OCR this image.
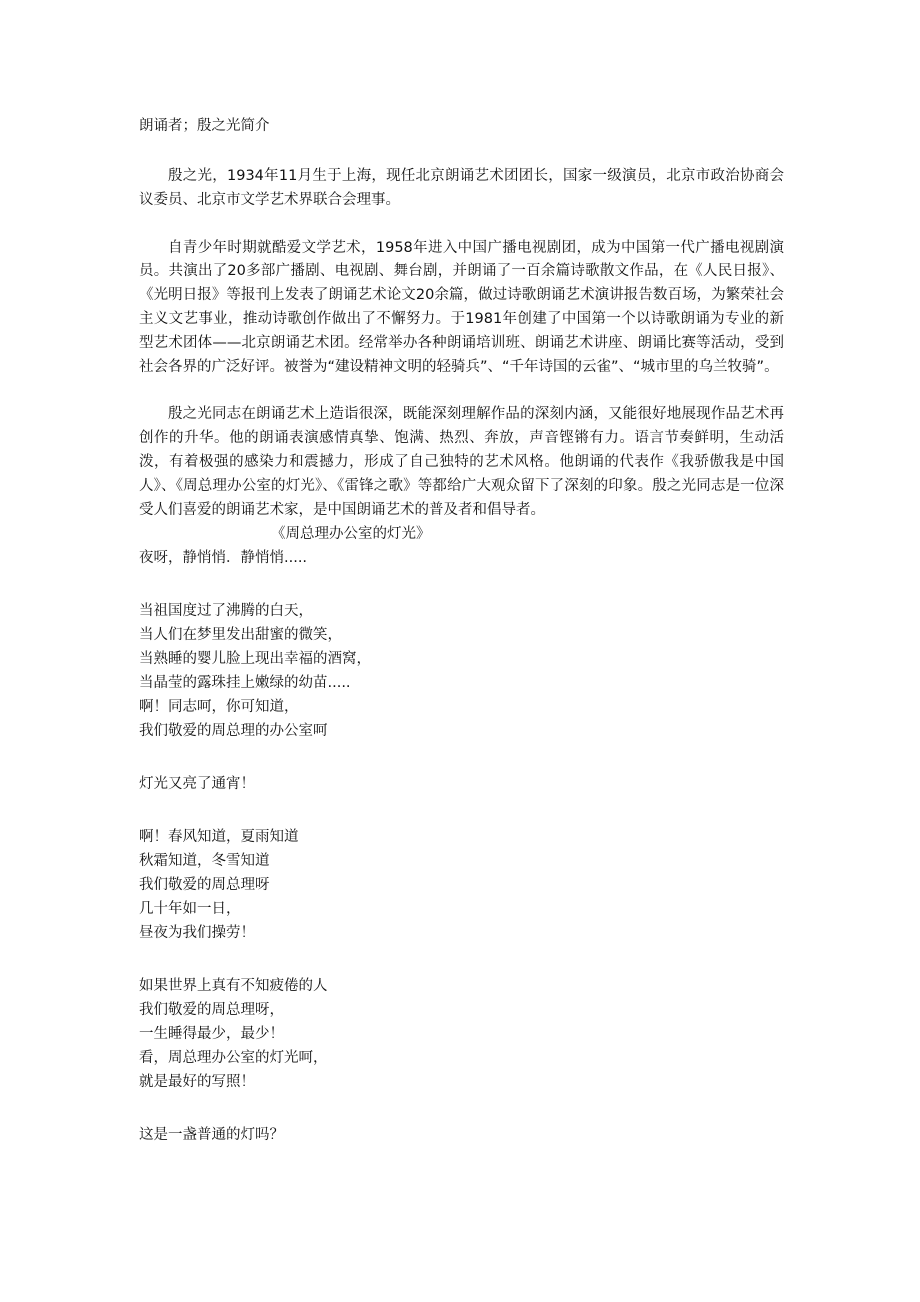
朗诵者；殷之光简介

殷之光，1934年11月生于上海，现任北京朗诵艺术团团长，国家一级演员，北京市政治协商会议委员、北京市文学艺术界联合会理事。

自青少年时期就酷爱文学艺术，1958年进入中国广播电视剧团，成为中国第一代广播电视剧演员。共演出了20多部广播剧、电视剧、舞台剧，并朗诵了一百余篇诗歌散文作品，在《人民日报》、《光明日报》等报刊上发表了朗诵艺术论文20余篇，做过诗歌朗诵艺术演讲报告数百场，为繁荣社会主义文艺事业，推动诗歌创作做出了不懈努力。于1981年创建了中国第一个以诗歌朗诵为专业的新型艺术团体——北京朗诵艺术团。经常举办各种朗诵培训班、朗诵艺术讲座、朗诵比赛等活动，受到社会各界的广泛好评。被誉为“建设精神文明的轻骑兵”、“千年诗国的云雀”、“城市里的乌兰牧骑”。

殷之光同志在朗诵艺术上造诣很深，既能深刻理解作品的深刻内涵，又能很好地展现作品艺术再创作的升华。他的朗诵表演感情真挚、饱满、热烈、奔放，声音铿锵有力。语言节奏鲜明，生动活泼，有着极强的感染力和震撼力，形成了自己独特的艺术风格。他朗诵的代表作《我骄傲我是中国人》、《周总理办公室的灯光》、《雷锋之歌》等都给广大观众留下了深刻的印象。殷之光同志是一位深受人们喜爱的朗诵艺术家，是中国朗诵艺术的普及者和倡导者。

《周总理办公室的灯光》
夜呀，静悄悄．静悄悄.....
当祖国度过了沸腾的白天，
当人们在梦里发出甜蜜的微笑，
当熟睡的婴儿脸上现出幸福的酒窝，
当晶莹的露珠挂上嫩绿的幼苗.....
啊！同志呵，你可知道，
我们敬爱的周总理的办公室呵
灯光又亮了通宵！
啊！春风知道，夏雨知道
秋霜知道，冬雪知道
我们敬爱的周总理呀
几十年如一日，
昼夜为我们操劳！
如果世界上真有不知疲倦的人
我们敬爱的周总理呀，
一生睡得最少，最少！
看，周总理办公室的灯光呵，
就是最好的写照！
这是一盏普通的灯吗？
